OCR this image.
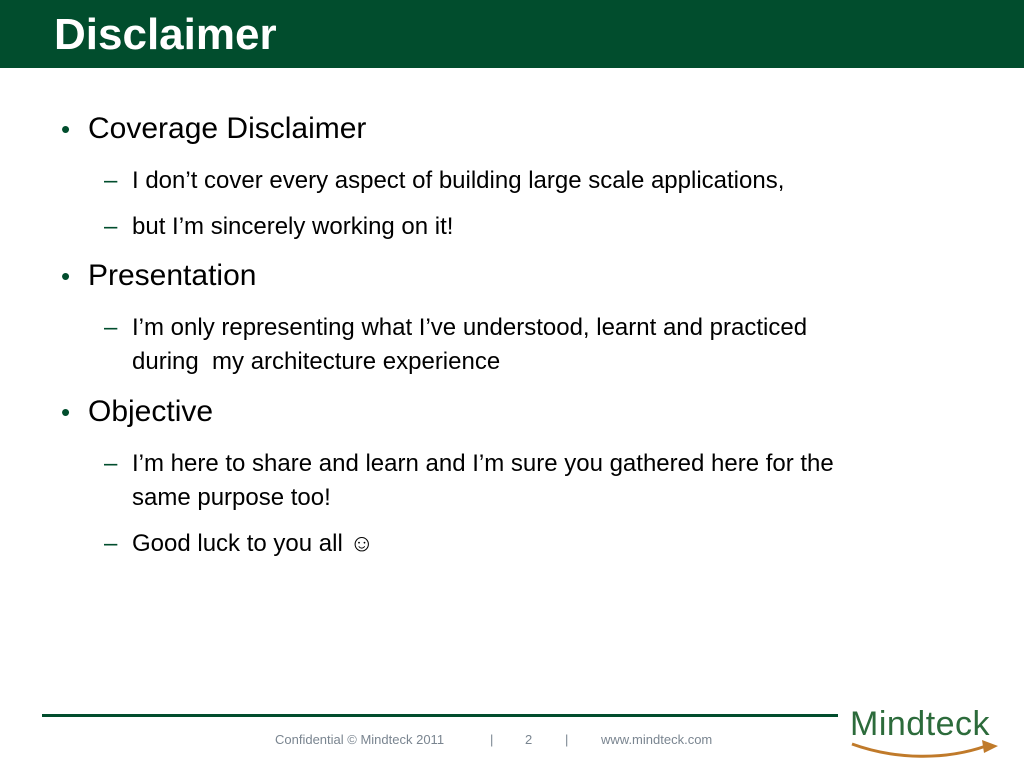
Disclaimer
• Coverage Disclaimer
– I don’t cover every aspect of building large scale applications,
– but I’m sincerely working on it!
• Presentation
– I’m only representing what I’ve understood, learnt and practiced
during  my architecture experience
• Objective
– I’m here to share and learn and I’m sure you gathered here for the
same purpose too!
– Good luck to you all ☺
Confidential © Mindteck 2011	| 2	|	www.mindteck.com	Mindteck
